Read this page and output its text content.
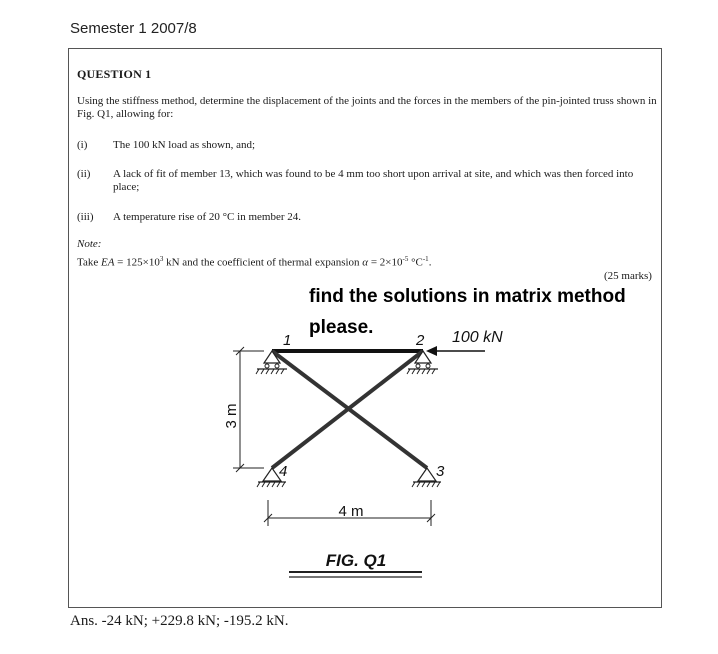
Semester 1 2007/8
QUESTION 1
Using the stiffness method, determine the displacement of the joints and the forces in the members of the pin-jointed truss shown in Fig. Q1, allowing for:
(i) The 100 kN load as shown, and;
(ii) A lack of fit of member 13, which was found to be 4 mm too short upon arrival at site, and which was then forced into place;
(iii) A temperature rise of 20 °C in member 24.
Note:
Take EA = $125\times 10^3$ kN and the coefficient of thermal expansion $\alpha = 2\times 10^{-5}$ $^\circ C^{-1}$.
(25 marks)
1	2
4	3
100 kN
3 m
4 m
FIG. Q1
find the solutions in matrix method
please.
Ans. -24 kN; +229.8 kN; -195.2 kN.
